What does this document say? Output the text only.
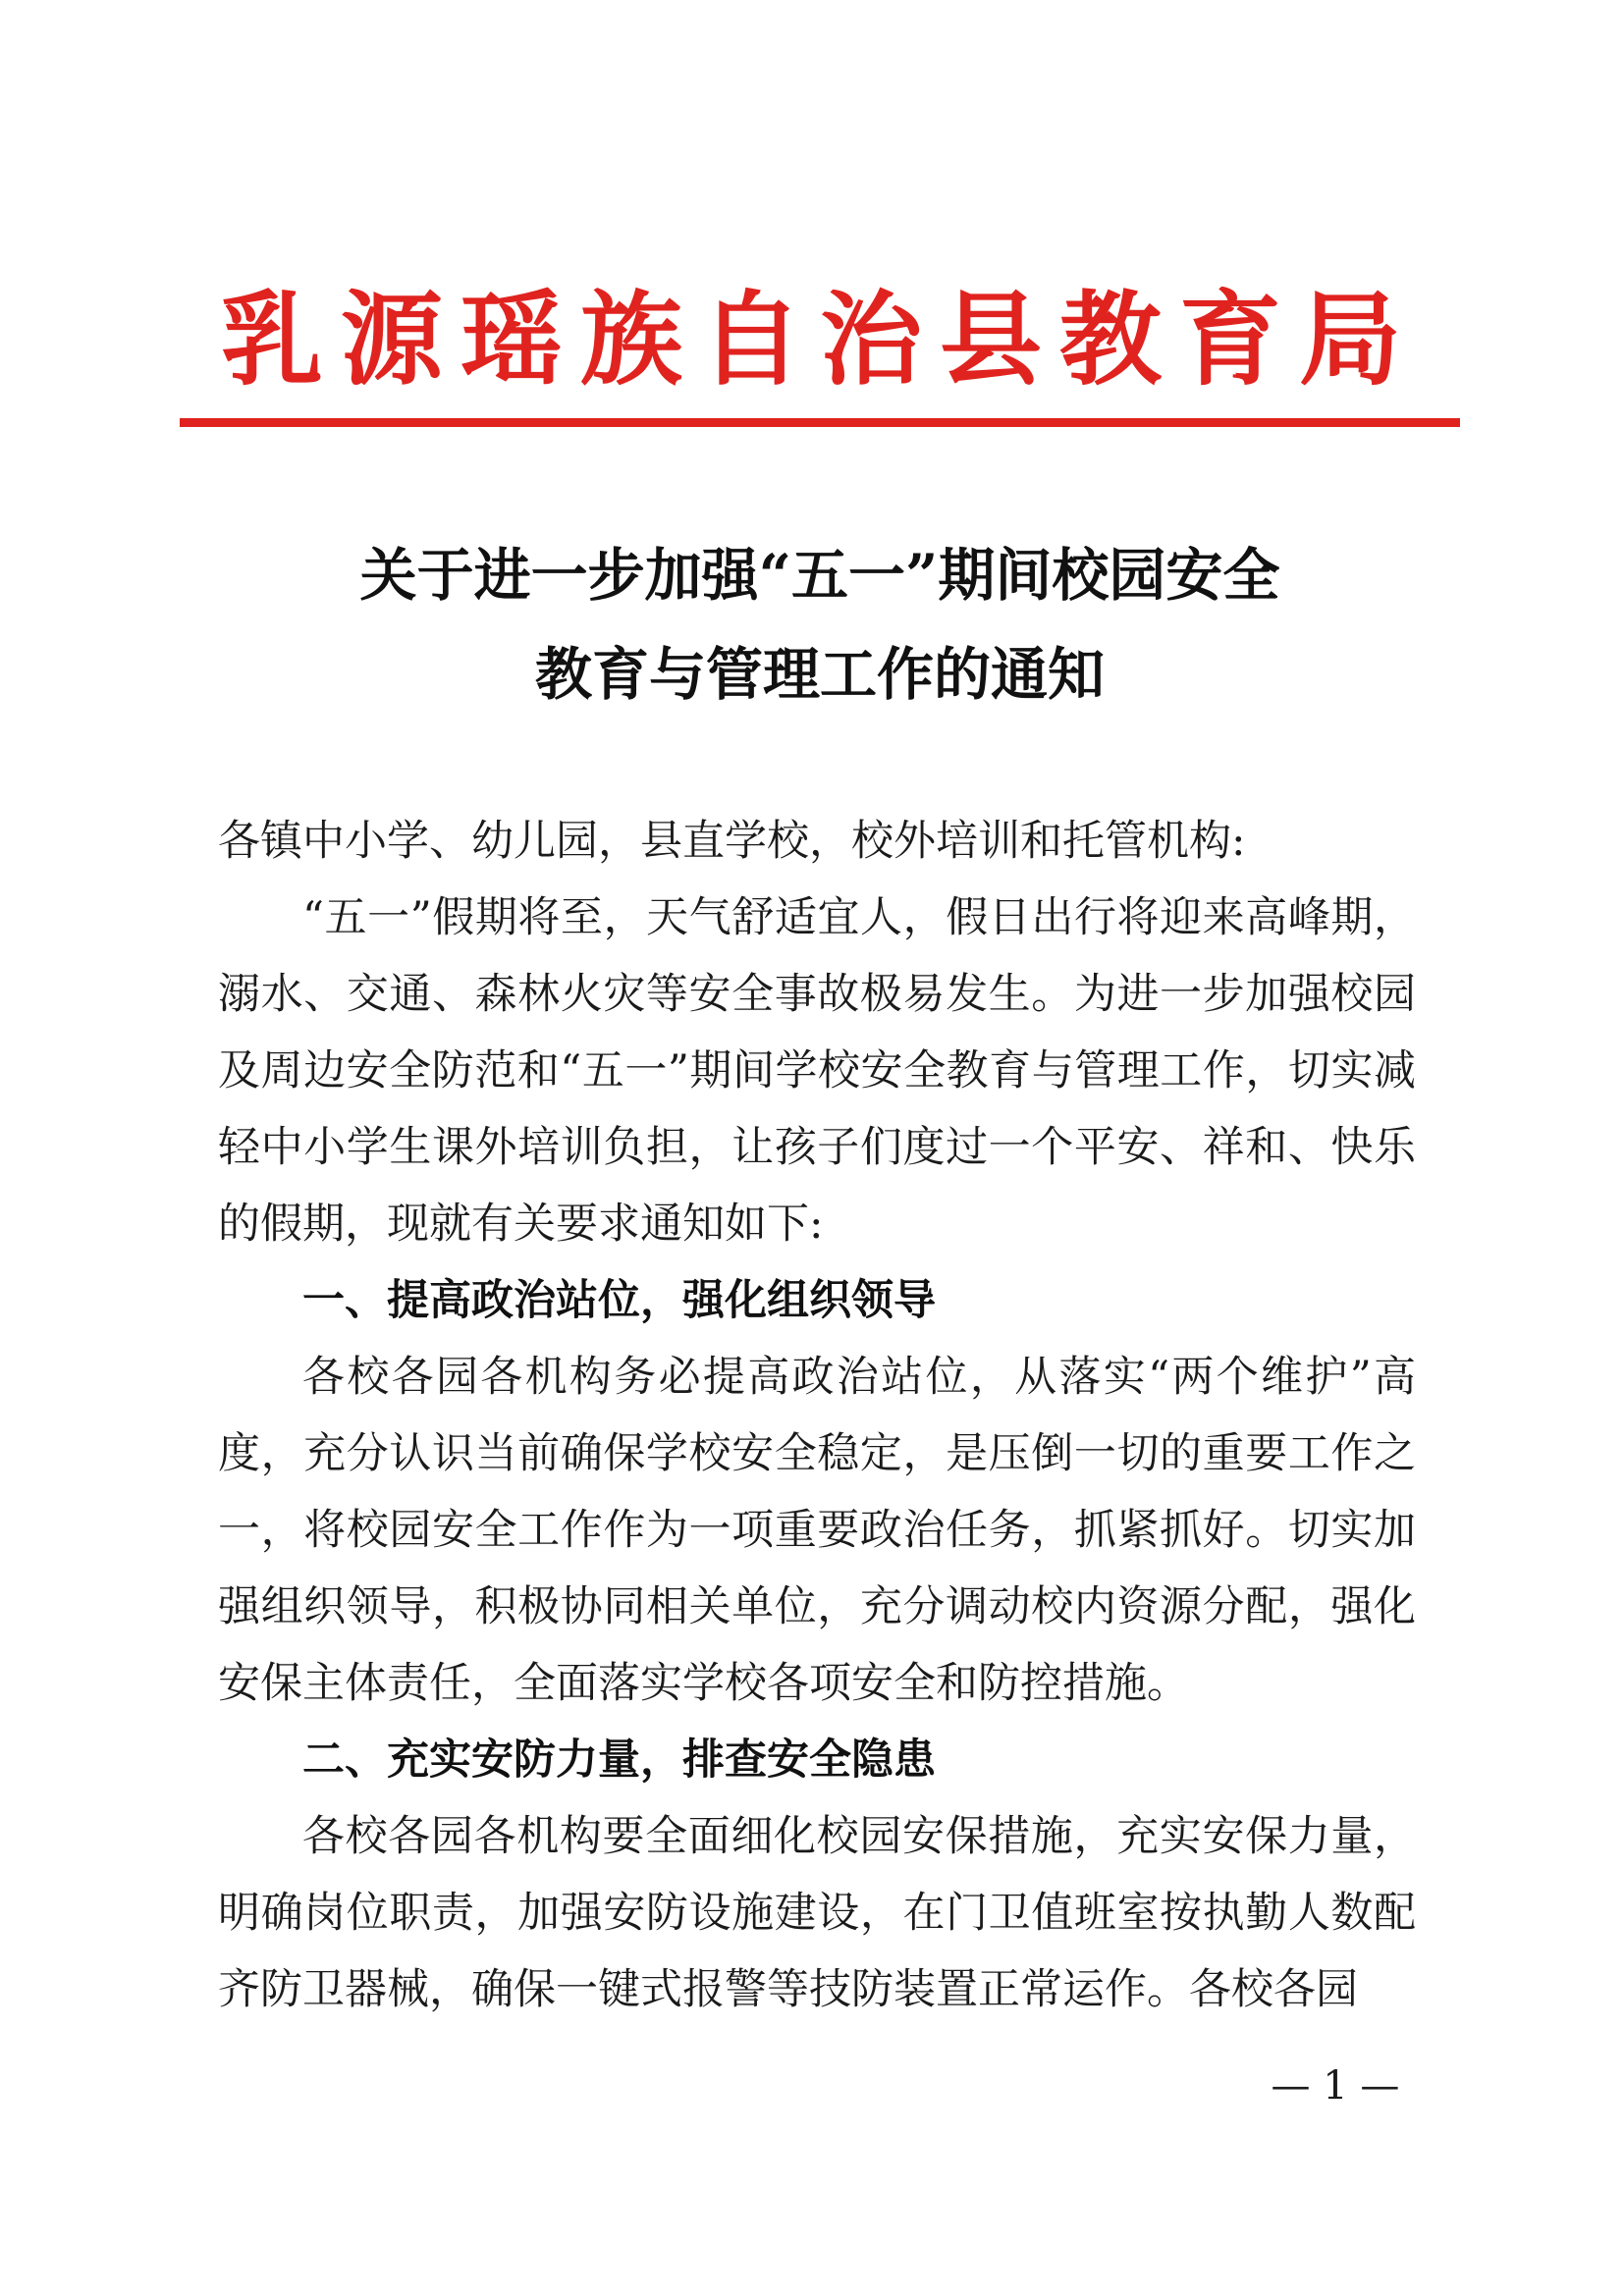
乳源瑶族自治县教育局
关于进一步加强“五一”期间校园安全
教育与管理工作的通知
各镇中小学、幼儿园，县直学校，校外培训和托管机构:
“五一”假期将至，天气舒适宜人，假日出行将迎来高峰期，溺水、交通、森林火灾等安全事故极易发生。为进一步加强校园及周边安全防范和“五一”期间学校安全教育与管理工作，切实减轻中小学生课外培训负担，让孩子们度过一个平安、祥和、快乐的假期，现就有关要求通知如下:
一、提高政治站位，强化组织领导
各校各园各机构务必提高政治站位，从落实“两个维护”高度，充分认识当前确保学校安全稳定，是压倒一切的重要工作之一，将校园安全工作作为一项重要政治任务，抓紧抓好。切实加强组织领导，积极协同相关单位，充分调动校内资源分配，强化安保主体责任，全面落实学校各项安全和防控措施。
二、充实安防力量，排查安全隐患
各校各园各机构要全面细化校园安保措施，充实安保力量，明确岗位职责，加强安防设施建设，在门卫值班室按执勤人数配齐防卫器械，确保一键式报警等技防装置正常运作。各校各园
— 1 —
